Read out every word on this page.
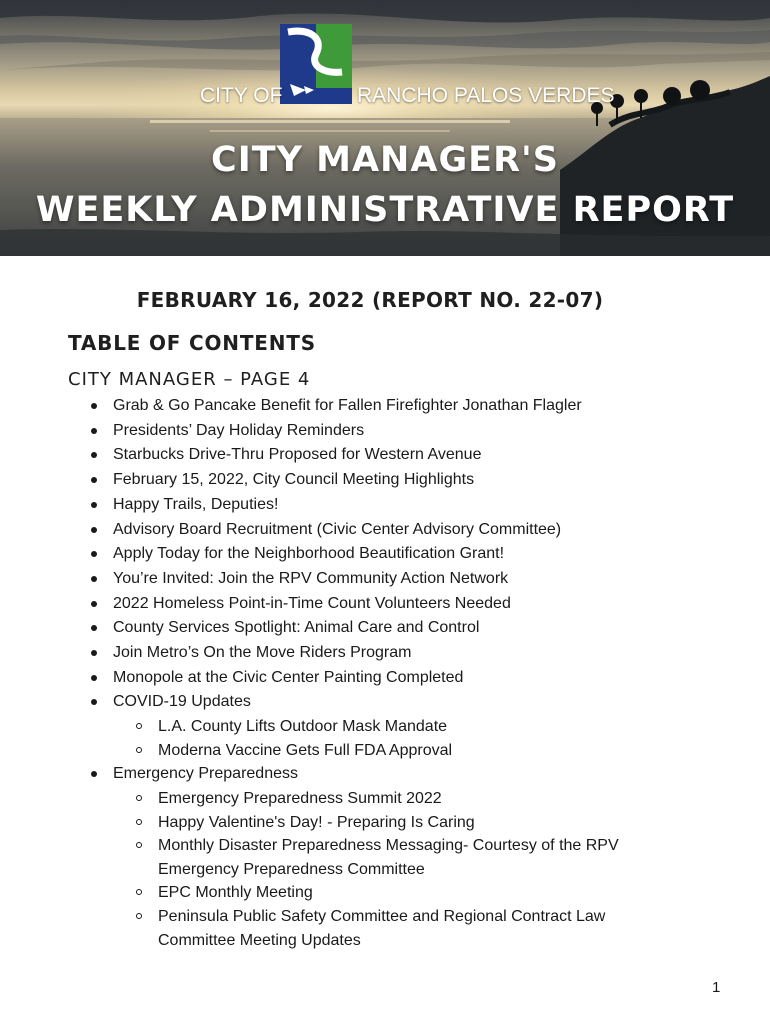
CITY OF	RANCHO PALOS VERDES
CITY MANAGER'S
WEEKLY ADMINISTRATIVE REPORT
FEBRUARY 16, 2022 (REPORT NO. 22-07)
TABLE OF CONTENTS
CITY MANAGER – PAGE 4
Grab & Go Pancake Benefit for Fallen Firefighter Jonathan Flagler
Presidents’ Day Holiday Reminders
Starbucks Drive-Thru Proposed for Western Avenue
February 15, 2022, City Council Meeting Highlights
Happy Trails, Deputies!
Advisory Board Recruitment (Civic Center Advisory Committee)
Apply Today for the Neighborhood Beautification Grant!
You’re Invited: Join the RPV Community Action Network
2022 Homeless Point-in-Time Count Volunteers Needed
County Services Spotlight: Animal Care and Control
Join Metro’s On the Move Riders Program
Monopole at the Civic Center Painting Completed
COVID-19 Updates
L.A. County Lifts Outdoor Mask Mandate
Moderna Vaccine Gets Full FDA Approval
Emergency Preparedness
Emergency Preparedness Summit 2022
Happy Valentine's Day! - Preparing Is Caring
Monthly Disaster Preparedness Messaging- Courtesy of the RPV Emergency Preparedness Committee
EPC Monthly Meeting
Peninsula Public Safety Committee and Regional Contract Law Committee Meeting Updates
1
